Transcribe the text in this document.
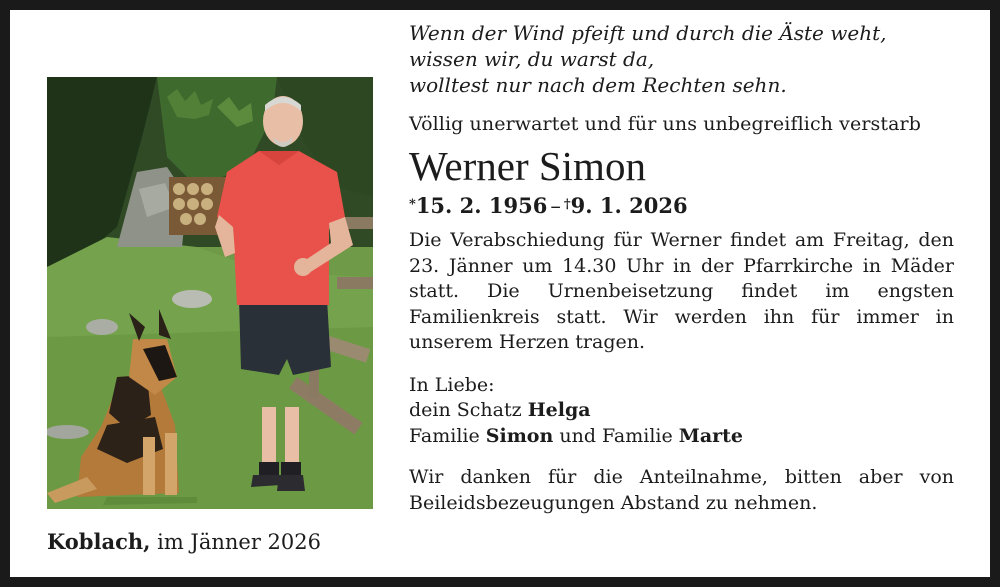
Koblach, im Jänner 2026
Wenn der Wind pfeift und durch die Äste weht,
wissen wir, du warst da,
wolltest nur nach dem Rechten sehn.
Völlig unerwartet und für uns unbegreiflich verstarb
Werner Simon
*15. 2. 1956 – †9. 1. 2026
Die Verabschiedung für Werner findet am Freitag, den 23. Jänner um 14.30 Uhr in der Pfarrkirche in Mäder statt. Die Urnenbeisetzung findet im engsten Familienkreis statt. Wir werden ihn für immer in unserem Herzen tragen.
In Liebe:
dein Schatz Helga
Familie Simon und Familie Marte
Wir danken für die Anteilnahme, bitten aber von Beileidsbezeugungen Abstand zu nehmen.
